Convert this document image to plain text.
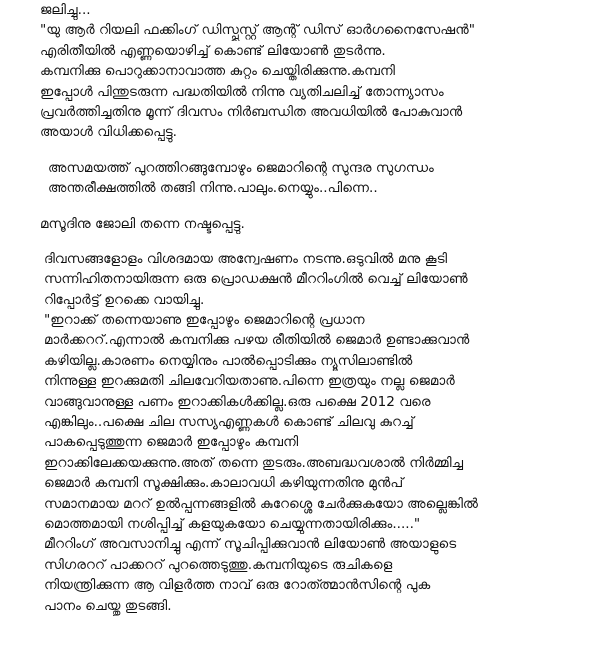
ജലിച്ചു...
"യു ആർ റിയലി ഫക്കിംഗ് ഡിസ്പ്ലസ്റ്റ് ആന്റ് ഡിസ് ഓർഗനൈസേഷൻ"
എരിതീയിൽ എണ്ണയൊഴിച്ച് കൊണ്ട് ലിയോൺ തുടർന്നു.
കമ്പനിക്കു പൊറുക്കാനാവാത്ത കുറ്റം ചെയ്തിരിക്കുന്നു.കമ്പനി
ഇപ്പോൾ പിന്തുടരുന്ന പദ്ധതിയിൽ നിന്നു വ്യതിചലിച്ച് തോന്ന്യാസം
പ്രവർത്തിച്ചതിനു മൂന്ന് ദിവസം നിർബന്ധിത അവധിയിൽ പോകുവാൻ
അയാൾ വിധിക്കപ്പെട്ടു.
അസമയത്ത് പുറത്തിറങ്ങുമ്പോഴും ജെമാറിന്റെ സുന്ദര സുഗന്ധം
അന്തരീക്ഷത്തിൽ തങ്ങി നിന്നു.പാലും.നെയ്യും..പിന്നെ..
മസൂദിനു ജോലി തന്നെ നഷ്ടപ്പെട്ടു.
ദിവസങ്ങളോളം വിശദമായ അന്വേഷണം നടന്നു.ഒടുവിൽ മനു കൂടി
സന്നിഹിതനായിരുന്ന ഒരു പ്രൊഡക്ഷൻ മീററിംഗിൽ വെച്ച് ലിയോൺ
റിപ്പോർട്ട് ഉറക്കെ വായിച്ചു.
"ഇറാക്ക് തന്നെയാണു ഇപ്പോഴും ജെമാറിന്റെ പ്രധാന
മാർക്കററ്.എന്നാൽ കമ്പനിക്കു പഴയ രീതിയിൽ ജെമാർ ഉണ്ടാക്കുവാൻ
കഴിയില്ല.കാരണം നെയ്യിനും പാൽപ്പൊടിക്കും ന്യൂസിലാണ്ടിൽ
നിന്നുള്ള ഇറക്കുമതി ചിലവേറിയതാണു.പിന്നെ ഇത്രയും നല്ല ജെമാർ
വാങ്ങുവാനുള്ള പണം ഇറാക്കികൾക്കില്ല.ഒരു പക്ഷെ 2012 വരെ
എങ്കിലും..പക്ഷെ ചില സസ്യഎണ്ണകൾ കൊണ്ട് ചിലവു കുറച്ച്
പാകപ്പെടുത്തുന്ന ജെമാർ ഇപ്പോഴും കമ്പനി
ഇറാക്കിലേക്കയക്കുന്നു.അത് തന്നെ തുടരും.അബദ്ധവശാൽ നിർമ്മിച്ച
ജെമാർ കമ്പനി സൂക്ഷിക്കും.കാലാവധി കഴിയുന്നതിനു മുൻപ്
സമാനമായ മററ് ഉൽപ്പന്നങ്ങളിൽ കുറേശ്ശെ ചേർക്കുകയോ അല്ലെങ്കിൽ
മൊത്തമായി നശിപ്പിച്ച് കളയുകയോ ചെയ്യുന്നതായിരിക്കും....."
മീററിംഗ് അവസാനിച്ചു എന്ന് സൂചിപ്പിക്കുവാൻ ലിയോൺ അയാളുടെ
സിഗരററ് പാക്കററ് പുറത്തെടുത്തു.കമ്പനിയുടെ രുചികളെ
നിയന്ത്രിക്കുന്ന ആ വിളർത്ത നാവ് ഒരു റോത്ത്മാൻസിന്റെ പുക
പാനം ചെയ്തു തുടങ്ങി.
